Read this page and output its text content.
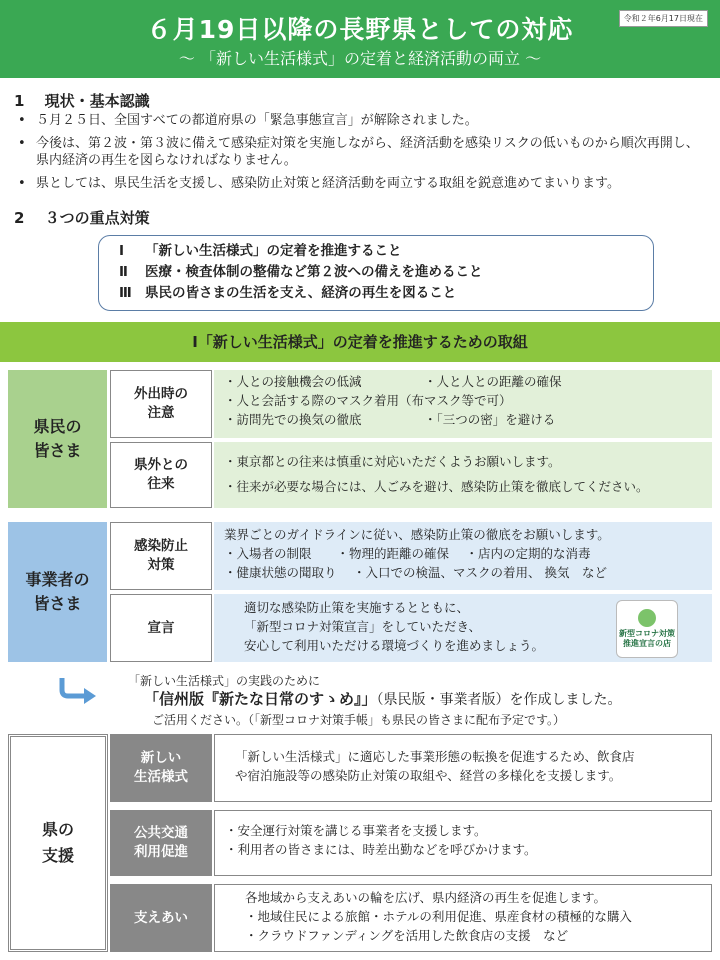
６月19日以降の長野県としての対応
～ 「新しい生活様式」の定着と経済活動の両立 ～
令和２年6月17日現在
1　 現状・基本認識
• ５月２５日、全国すべての都道府県の「緊急事態宣言」が解除されました。
• 今後は、第２波・第３波に備えて感染症対策を実施しながら、経済活動を感染リスクの低いものから順次再開し、県内経済の再生を図らなければなりません。
• 県としては、県民生活を支援し、感染防止対策と経済活動を両立する取組を鋭意進めてまいります。
2　 ３つの重点対策
Ⅰ 「新しい生活様式」の定着を推進すること
Ⅱ 医療・検査体制の整備など第２波への備えを進めること
Ⅲ 県民の皆さまの生活を支え、経済の再生を図ること
Ⅰ「新しい生活様式」の定着を推進するための取組
県民の
皆さま
外出時の
注意
・人との接触機会の低減	・人と人との距離の確保
・人と会話する際のマスク着用（布マスク等で可）
・訪問先での換気の徹底	・「三つの密」を避ける
県外との
往来
・東京都との往来は慎重に対応いただくようお願いします。
・往来が必要な場合には、人ごみを避け、感染防止策を徹底してください。
事業者の
皆さま
感染防止
対策
業界ごとのガイドラインに従い、感染防止策の徹底をお願いします。
・入場者の制限　　・物理的距離の確保　 ・店内の定期的な消毒
・健康状態の聞取り　 ・入口での検温、マスクの着用、 換気　など
宣言
適切な感染防止策を実施するとともに、
「新型コロナ対策宣言」をしていただき、
安心して利用いただける環境づくりを進めましょう。
新型コロナ対策
推進宣言の店
「新しい生活様式」の実践のために
「信州版『新たな日常のすゝめ』」（県民版・事業者版）を作成しました。
ご活用ください。（「新型コロナ対策手帳」も県民の皆さまに配布予定です。）
県の
支援
新しい
生活様式
「新しい生活様式」に適応した事業形態の転換を促進するため、飲食店
や宿泊施設等の感染防止対策の取組や、経営の多様化を支援します。
公共交通
利用促進
・安全運行対策を講じる事業者を支援します。
・利用者の皆さまには、時差出勤などを呼びかけます。
支えあい
各地域から支えあいの輪を広げ、県内経済の再生を促進します。
・地域住民による旅館・ホテルの利用促進、県産食材の積極的な購入
・クラウドファンディングを活用した飲食店の支援　など
